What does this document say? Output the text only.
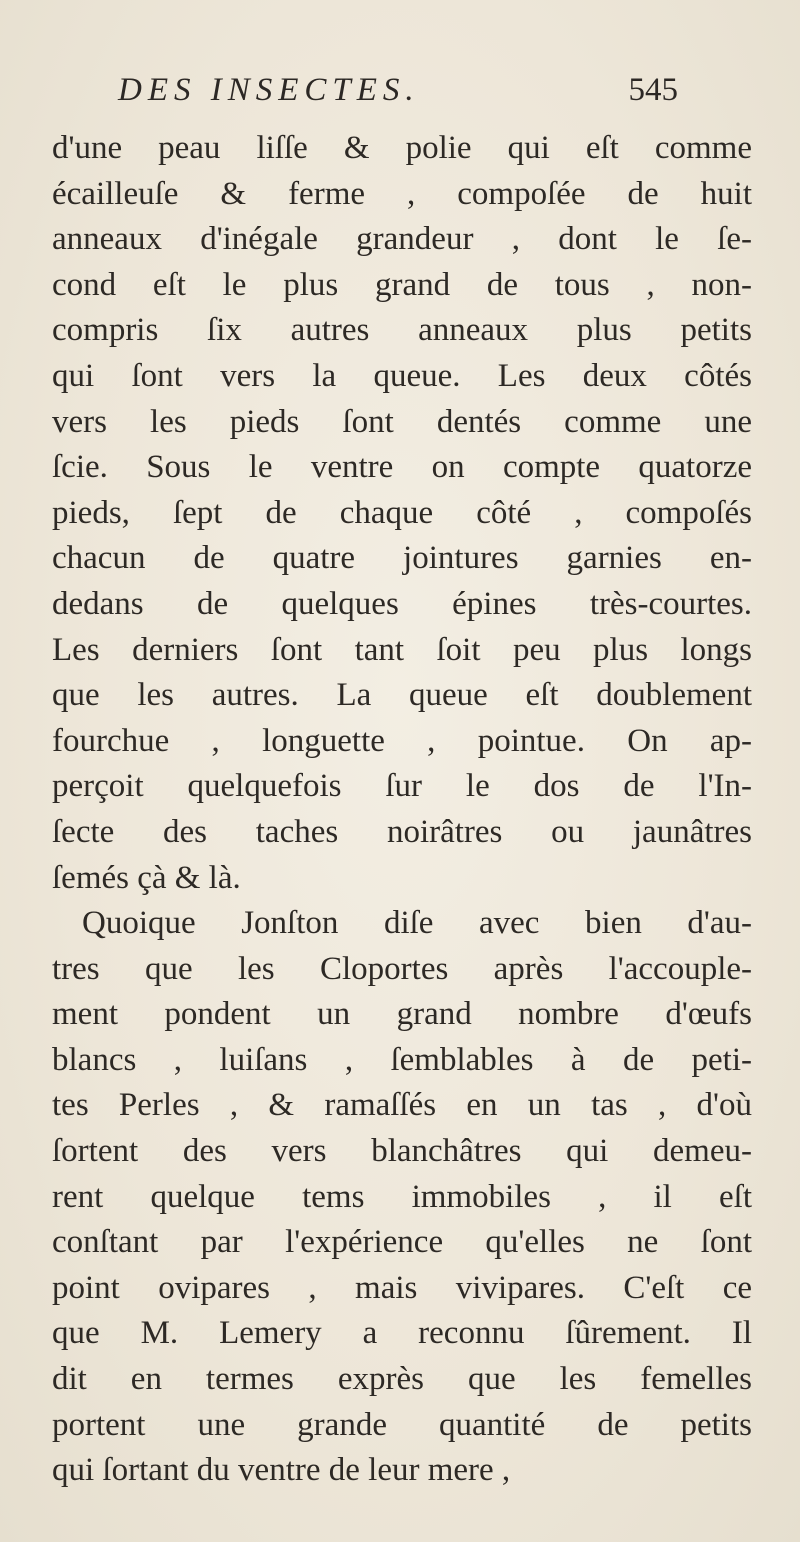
DES INSECTES.	545
d'une peau liſſe & polie qui eſt comme
écailleuſe & ferme , compoſée de huit
anneaux d'inégale grandeur , dont le ſe-
cond eſt le plus grand de tous , non-
compris ſix autres anneaux plus petits
qui ſont vers la queue. Les deux côtés
vers les pieds ſont dentés comme une
ſcie. Sous le ventre on compte quatorze
pieds, ſept de chaque côté , compoſés
chacun de quatre jointures garnies en-
dedans de quelques épines très-courtes.
Les derniers ſont tant ſoit peu plus longs
que les autres. La queue eſt doublement
fourchue , longuette , pointue. On ap-
perçoit quelquefois ſur le dos de l'In-
ſecte des taches noirâtres ou jaunâtres
ſemés çà & là.
Quoique Jonſton diſe avec bien d'au-
tres que les Cloportes après l'accouple-
ment pondent un grand nombre d'œufs
blancs , luiſans , ſemblables à de peti-
tes Perles , & ramaſſés en un tas , d'où
ſortent des vers blanchâtres qui demeu-
rent quelque tems immobiles , il eſt
conſtant par l'expérience qu'elles ne ſont
point ovipares , mais vivipares. C'eſt ce
que M. Lemery a reconnu ſûrement. Il
dit en termes exprès que les femelles
portent une grande quantité de petits
qui ſortant du ventre de leur mere ,
